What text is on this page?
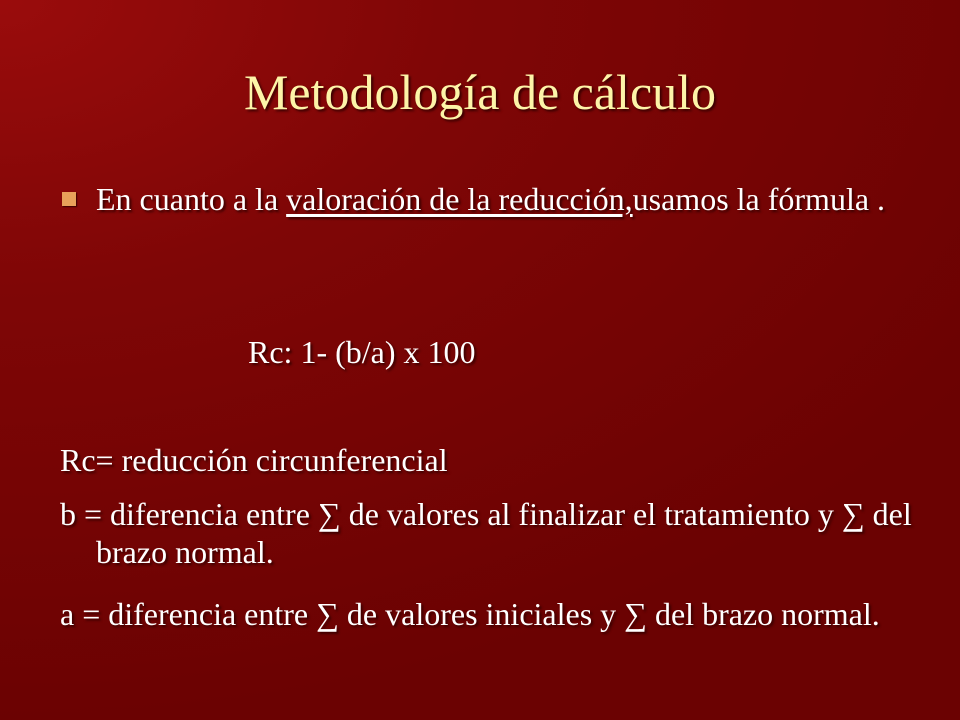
Metodología de cálculo
En cuanto a la valoración de la reducción,usamos la fórmula .
Rc: 1- (b/a) x 100
Rc= reducción circunferencial
b = diferencia entre ∑ de valores al finalizar el tratamiento y ∑ del brazo normal.
a = diferencia entre ∑ de valores iniciales y ∑ del brazo normal.
